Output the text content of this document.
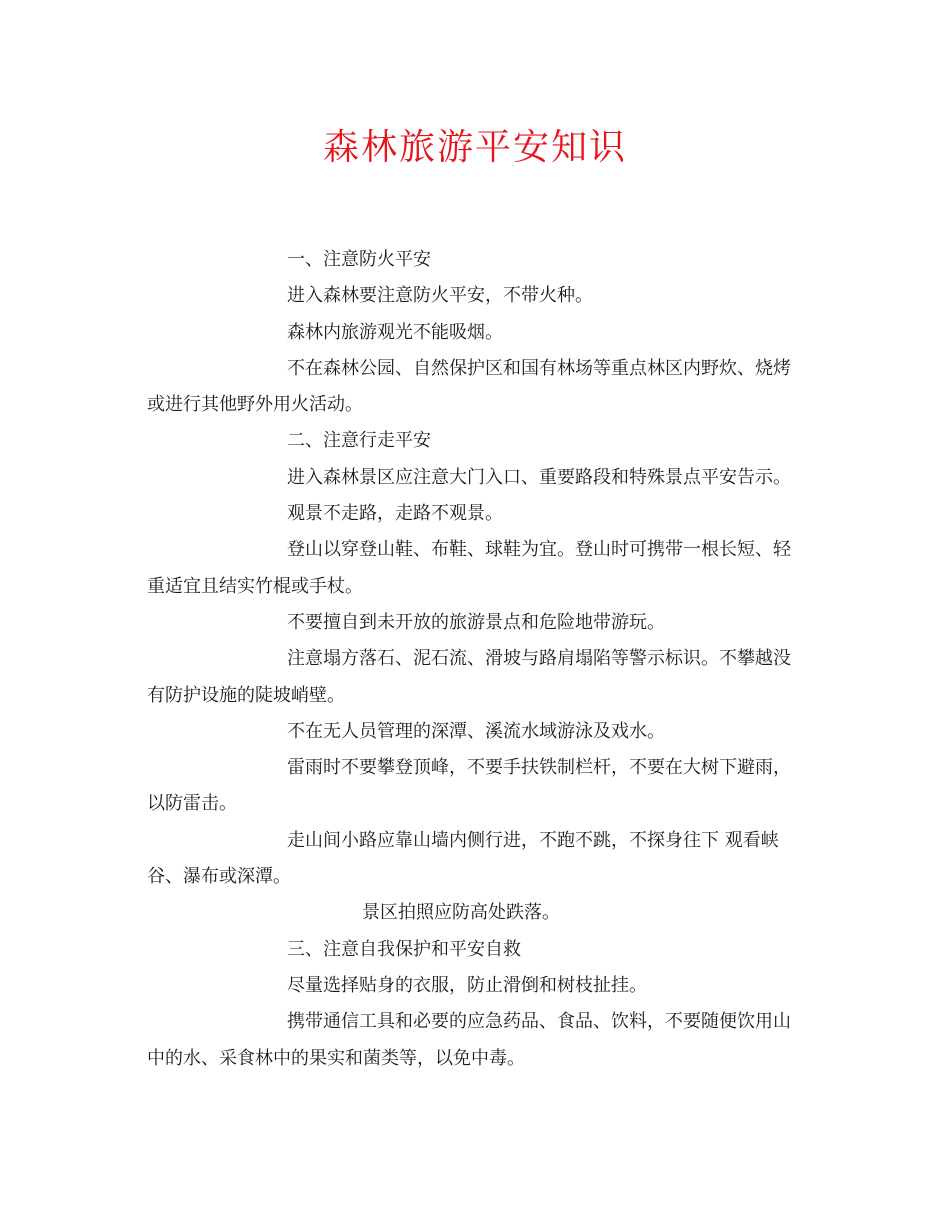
森林旅游平安知识

一、注意防火平安

进入森林要注意防火平安，不带火种。

森林内旅游观光不能吸烟。

不在森林公园、自然保护区和国有林场等重点林区内野炊、烧烤或进行其他野外用火活动。

二、注意行走平安

进入森林景区应注意大门入口、重要路段和特殊景点平安告示。

观景不走路，走路不观景。

登山以穿登山鞋、布鞋、球鞋为宜。登山时可携带一根长短、轻重适宜且结实竹棍或手杖。

不要擅自到未开放的旅游景点和危险地带游玩。

注意塌方落石、泥石流、滑坡与路肩塌陷等警示标识。不攀越没有防护设施的陡坡峭壁。

不在无人员管理的深潭、溪流水域游泳及戏水。

雷雨时不要攀登顶峰，不要手扶铁制栏杆，不要在大树下避雨，以防雷击。

走山间小路应靠山墙内侧行进，不跑不跳，不探身往下 观看峡谷、瀑布或深潭。

景区拍照应防高处跌落。

三、注意自我保护和平安自救

尽量选择贴身的衣服，防止滑倒和树枝扯挂。

携带通信工具和必要的应急药品、食品、饮料，不要随便饮用山中的水、采食林中的果实和菌类等，以免中毒。
